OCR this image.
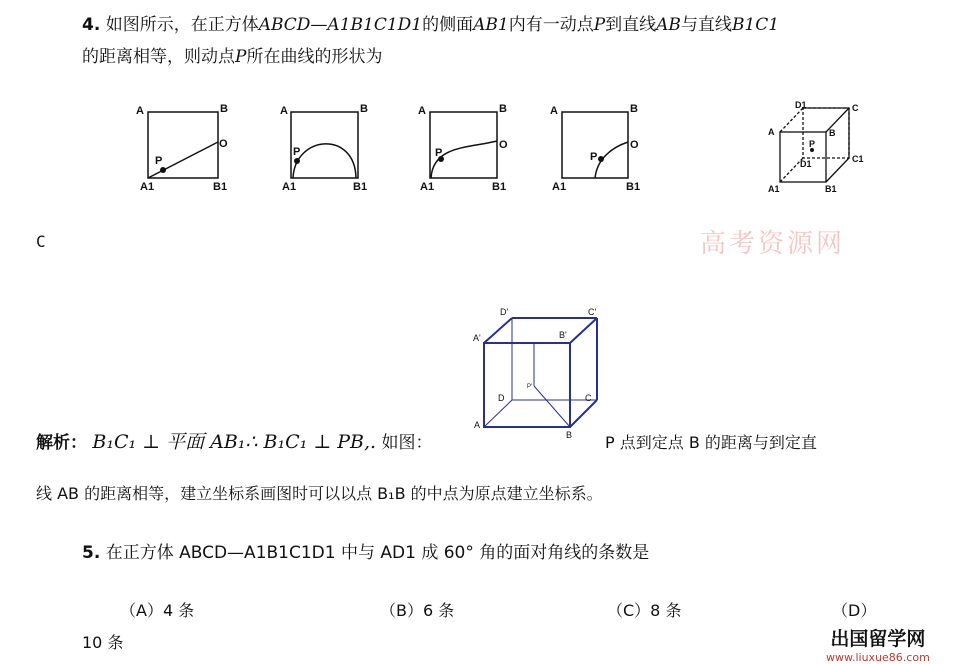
4. 如图所示，在正方体ABCD—A1B1C1D1的侧面AB1内有一动点P到直线AB与直线B1C1
的距离相等，则动点P所在曲线的形状为
A	B
O
P
A1	B1
A	B
P
A1	B1
A	B
O
P
A1	B1
A	B
O
P
A1	B1
D1	C
A	B
P
C1
D1
A1	B1
D'	C'
A'	B'
P'
D	C
A
B
C	高考资源网
解析： B₁C₁ ⊥ 平面 AB₁∴ B₁C₁ ⊥ PB,. 如图：	P 点到定点 B 的距离与到定直
线 AB 的距离相等，建立坐标系画图时可以以点 B₁B 的中点为原点建立坐标系。
5. 在正方体 ABCD—A1B1C1D1 中与 AD1 成 60° 角的面对角线的条数是
（A）4 条	（B）6 条	（C）8 条	（D）
10 条	出国留学网
www.liuxue86.com
